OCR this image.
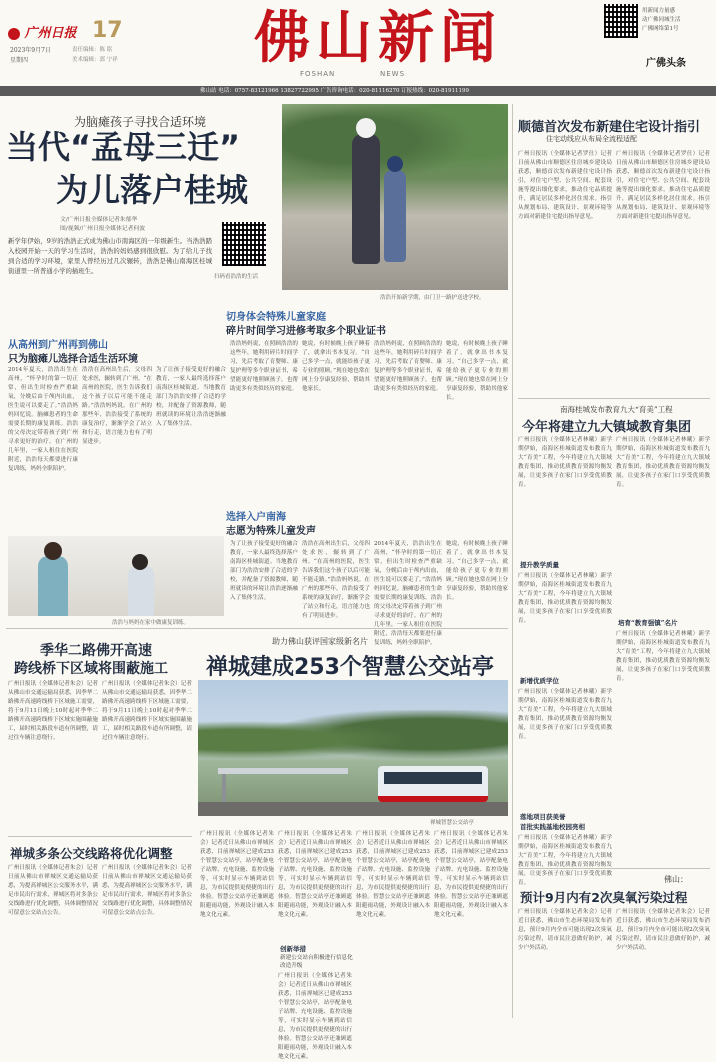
广州日报 17
2023年9月7日
星期四
责任编辑：陈 铭
美术编辑：郭 宁祥 佛山新闻
FOSHAN	NEWS
用新闻力量感
动广佛同城生活
广佛网络第1号
广佛头条
佛山站 电话：0757-83121966 13827722995 广告咨询电话：020-81116270 订报热线：020-81911199
为脑瘫孩子寻找合适环境
当代“孟母三迁”
为儿落户桂城
浩浩开始新学期，由门卫一路护送进学校。
文/广州日报全媒体记者朱郁华
图/视频/广州日报全媒体记者何波
新学年伊始，9岁的浩浩正式成为佛山市南海区的一年级新生。当浩浩踏入校园开始一天的学习生活时，浩浩的妈妈感到很欣慰。为了给儿子找到合适的学习环境，家里人曾经历过几次辗转，浩浩是佛山南海区桂城街道里一所普通小学的插班生。
扫码看浩浩的生活
从高州到广州再到佛山
只为脑瘫儿选择合适生活环境
2014年夏天，浩浩出生在高州，“怀孕时的第一切正常，但出生时检查严重缺氧，分娩后由于颅内出血，医生说可以要走了。”浩浩妈妈回忆说。脑瘫患者的生命需要长期的康复训练。浩浩的父母决定带着孩子到广州寻求更好的治疗。在广州的几年里，一家人租住在医院附近，浩浩每天都要进行康复训练，妈妈全职陪护。
浩浩在高州出生后，父母四处求医，辗转到了广州。“在高州的医院，医生告诉我们这个孩子以后可能不能走路。”浩浩妈妈说。在广州的那些年，浩浩接受了系统的康复治疗，渐渐学会了站立和行走，语言能力也有了明显进步。
为了让孩子接受更好的融合教育，一家人最终选择落户南海区桂城街道。当地教育部门为浩浩安排了合适的学校，并配备了资源教师，随班就读的环境让浩浩逐渐融入了集体生活。
浩浩与妈妈在家中做康复训练。
切身体会特殊儿童家庭
碎片时间学习进修考取多个职业证书
浩浩妈妈说，在照顾浩浩的这些年，她利用碎片时间学习，先后考取了育婴师、康复护理等多个职业证书，希望能更好地照顾孩子，也帮助更多有类似经历的家庭。
她说，有时候晚上孩子睡着了，就拿出书本复习。“自己多学一点，就能给孩子更专业的照顾。”现在她也常在网上分享康复经验，帮助其他家长。
浩浩妈妈说，在照顾浩浩的这些年，她利用碎片时间学习，先后考取了育婴师、康复护理等多个职业证书，希望能更好地照顾孩子，也帮助更多有类似经历的家庭。
她说，有时候晚上孩子睡着了，就拿出书本复习。“自己多学一点，就能给孩子更专业的照顾。”现在她也常在网上分享康复经验，帮助其他家长。
选择入户南海
志愿为特殊儿童发声
为了让孩子接受更好的融合教育，一家人最终选择落户南海区桂城街道。当地教育部门为浩浩安排了合适的学校，并配备了资源教师，随班就读的环境让浩浩逐渐融入了集体生活。
浩浩在高州出生后，父母四处求医，辗转到了广州。“在高州的医院，医生告诉我们这个孩子以后可能不能走路。”浩浩妈妈说。在广州的那些年，浩浩接受了系统的康复治疗，渐渐学会了站立和行走，语言能力也有了明显进步。
2014年夏天，浩浩出生在高州，“怀孕时的第一切正常，但出生时检查严重缺氧，分娩后由于颅内出血，医生说可以要走了。”浩浩妈妈回忆说。脑瘫患者的生命需要长期的康复训练。浩浩的父母决定带着孩子到广州寻求更好的治疗。在广州的几年里，一家人租住在医院附近，浩浩每天都要进行康复训练，妈妈全职陪护。
她说，有时候晚上孩子睡着了，就拿出书本复习。“自己多学一点，就能给孩子更专业的照顾。”现在她也常在网上分享康复经验，帮助其他家长。
顺德首次发布新建住宅设计指引
住宅动线应从布局全流程适配
广州日报讯（全媒体记者罗仕）记者日前从佛山市顺德区住房城乡建设局获悉，顺德首次发布新建住宅设计指引，对住宅户型、公共空间、配套设施等提出细化要求，推动住宅品质提升，满足居民多样化居住需求。指引从规划布局、建筑设计、景观环境等方面对新建住宅提出指导意见。
广州日报讯（全媒体记者罗仕）记者日前从佛山市顺德区住房城乡建设局获悉，顺德首次发布新建住宅设计指引，对住宅户型、公共空间、配套设施等提出细化要求，推动住宅品质提升，满足居民多样化居住需求。指引从规划布局、建筑设计、景观环境等方面对新建住宅提出指导意见。
南海桂城发布教育九大“育美”工程
今年将建立九大镇域教育集团
广州日报讯（全媒体记者林曦）新学期伊始，南海区桂城街道发布教育九大“育美”工程，今年将建立九大镇域教育集团，推动优质教育资源均衡发展，让更多孩子在家门口享受优质教育。
提升教学质量
广州日报讯（全媒体记者林曦）新学期伊始，南海区桂城街道发布教育九大“育美”工程，今年将建立九大镇域教育集团，推动优质教育资源均衡发展，让更多孩子在家门口享受优质教育。
新增优质学位
广州日报讯（全媒体记者林曦）新学期伊始，南海区桂城街道发布教育九大“育美”工程，今年将建立九大镇域教育集团，推动优质教育资源均衡发展，让更多孩子在家门口享受优质教育。
落地项目获美誉
首批实践基地校园亮相
广州日报讯（全媒体记者林曦）新学期伊始，南海区桂城街道发布教育九大“育美”工程，今年将建立九大镇域教育集团，推动优质教育资源均衡发展，让更多孩子在家门口享受优质教育。
广州日报讯（全媒体记者林曦）新学期伊始，南海区桂城街道发布教育九大“育美”工程，今年将建立九大镇域教育集团，推动优质教育资源均衡发展，让更多孩子在家门口享受优质教育。
培育“教育强镇”名片
广州日报讯（全媒体记者林曦）新学期伊始，南海区桂城街道发布教育九大“育美”工程，今年将建立九大镇域教育集团，推动优质教育资源均衡发展，让更多孩子在家门口享受优质教育。
佛山：
预计9月内有2次臭氧污染过程
广州日报讯（全媒体记者朱会）记者近日获悉，佛山市生态环境局发布消息，预计9月内全市可能出现2次臭氧污染过程，请市民注意做好防护，减少户外活动。
广州日报讯（全媒体记者朱会）记者近日获悉，佛山市生态环境局发布消息，预计9月内全市可能出现2次臭氧污染过程，请市民注意做好防护，减少户外活动。
季华二路佛开高速
跨线桥下区域将围蔽施工
广州日报讯（全媒体记者朱会）记者从佛山市交通运输局获悉，因季华二路佛开高速跨线桥下区域施工需要，将于9月11日晚上10时起对季华二路佛开高速跨线桥下区域实施围蔽施工，届时相关路段车道有所调整，请过往车辆注意绕行。
广州日报讯（全媒体记者朱会）记者从佛山市交通运输局获悉，因季华二路佛开高速跨线桥下区域施工需要，将于9月11日晚上10时起对季华二路佛开高速跨线桥下区域实施围蔽施工，届时相关路段车道有所调整，请过往车辆注意绕行。
禅城多条公交线路将优化调整
广州日报讯（全媒体记者朱会）记者日前从佛山市禅城区交通运输局获悉，为提高禅城区公交服务水平，满足市民出行需求，禅城区将对多条公交线路进行优化调整，具体调整情况可留意公交站点公告。
广州日报讯（全媒体记者朱会）记者日前从佛山市禅城区交通运输局获悉，为提高禅城区公交服务水平，满足市民出行需求，禅城区将对多条公交线路进行优化调整，具体调整情况可留意公交站点公告。
助力佛山获评国家级新名片
禅城建成253个智慧公交站亭
禅城智慧公交站亭
广州日报讯（全媒体记者朱会）记者近日从佛山市禅城区获悉，目前禅城区已建成253个智慧公交站亭，站亭配备电子站牌、充电设施、监控设施等，可实时显示车辆到站信息，为市民提供更便捷的出行体验。智慧公交站亭还兼顾遮阳避雨功能，外观设计融入本地文化元素。
广州日报讯（全媒体记者朱会）记者近日从佛山市禅城区获悉，目前禅城区已建成253个智慧公交站亭，站亭配备电子站牌、充电设施、监控设施等，可实时显示车辆到站信息，为市民提供更便捷的出行体验。智慧公交站亭还兼顾遮阳避雨功能，外观设计融入本地文化元素。
创新举措
新建公交站台积极进行信息化改造升级
广州日报讯（全媒体记者朱会）记者近日从佛山市禅城区获悉，目前禅城区已建成253个智慧公交站亭，站亭配备电子站牌、充电设施、监控设施等，可实时显示车辆到站信息，为市民提供更便捷的出行体验。智慧公交站亭还兼顾遮阳避雨功能，外观设计融入本地文化元素。
广州日报讯（全媒体记者朱会）记者近日从佛山市禅城区获悉，目前禅城区已建成253个智慧公交站亭，站亭配备电子站牌、充电设施、监控设施等，可实时显示车辆到站信息，为市民提供更便捷的出行体验。智慧公交站亭还兼顾遮阳避雨功能，外观设计融入本地文化元素。
广州日报讯（全媒体记者朱会）记者近日从佛山市禅城区获悉，目前禅城区已建成253个智慧公交站亭，站亭配备电子站牌、充电设施、监控设施等，可实时显示车辆到站信息，为市民提供更便捷的出行体验。智慧公交站亭还兼顾遮阳避雨功能，外观设计融入本地文化元素。
